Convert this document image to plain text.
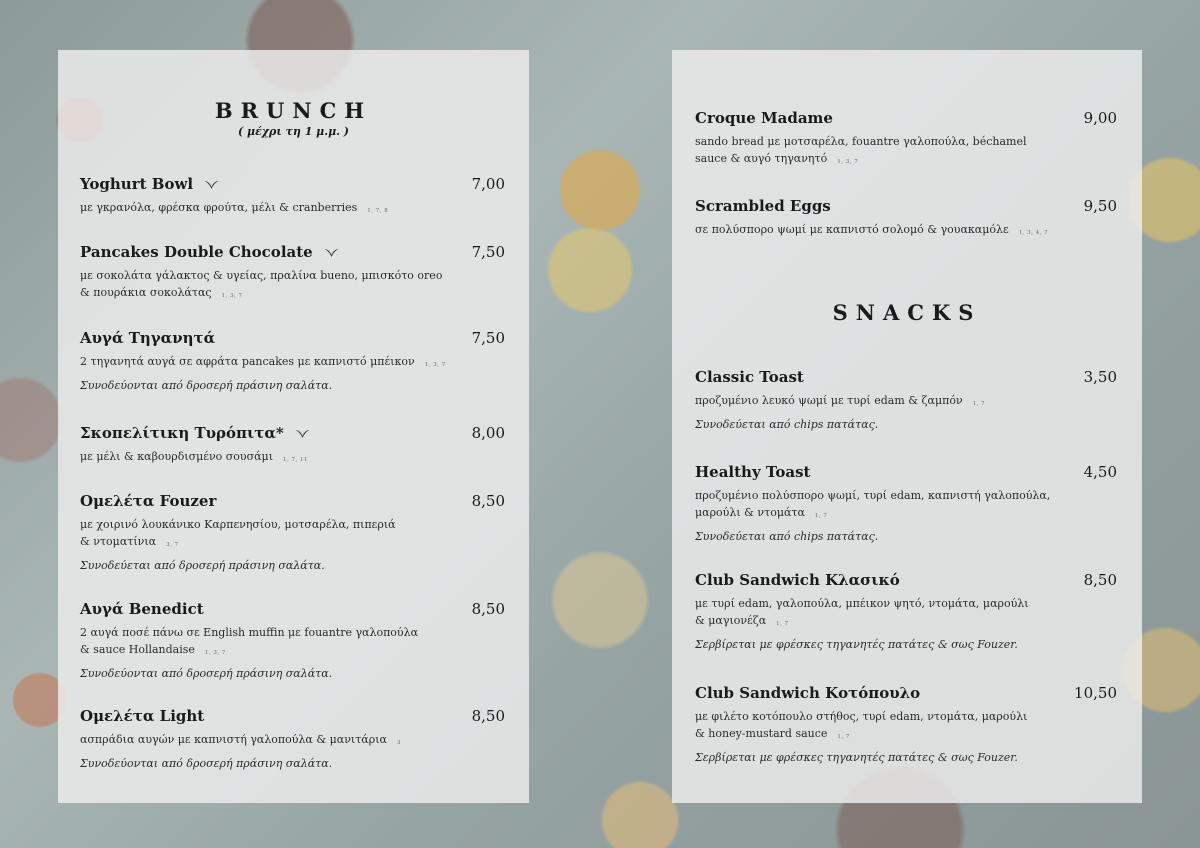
BRUNCH
( μέχρι τη 1 μ.μ. )
Yoghurt Bowl	7,00
με γκρανόλα, φρέσκα φρούτα, μέλι & cranberries 1, 7, 8
Pancakes Double Chocolate	7,50
με σοκολάτα γάλακτος & υγείας, πραλίνα bueno, μπισκότο oreo
& πουράκια σοκολάτας 1, 3, 7
Αυγά Τηγανητά	7,50
2 τηγανητά αυγά σε αφράτα pancakes με καπνιστό μπέικον 1, 3, 7
Συνοδεύονται από δροσερή πράσινη σαλάτα.
Σκοπελίτικη Τυρόπιτα*	8,00
με μέλι & καβουρδισμένο σουσάμι 1, 7, 11
Ομελέτα Fouzer	8,50
με χοιρινό λουκάνικο Καρπενησίου, μοτσαρέλα, πιπεριά
& ντοματίνια 3, 7
Συνοδεύεται από δροσερή πράσινη σαλάτα.
Αυγά Benedict	8,50
2 αυγά ποσέ πάνω σε English muffin με fouantre γαλοπούλα
& sauce Hollandaise 1, 3, 7
Συνοδεύονται από δροσερή πράσινη σαλάτα.
Ομελέτα Light	8,50
ασπράδια αυγών με καπνιστή γαλοπούλα & μανιτάρια 3
Συνοδεύονται από δροσερή πράσινη σαλάτα.
Croque Madame	9,00
sando bread με μοτσαρέλα, fouantre γαλοπούλα, béchamel
sauce & αυγό τηγανητό 1, 3, 7
Scrambled Eggs	9,50
σε πολύσπορο ψωμί με καπνιστό σολομό & γουακαμόλε 1, 3, 4, 7
SNACKS
Classic Toast	3,50
προζυμένιο λευκό ψωμί με τυρί edam & ζαμπόν 1, 7
Συνοδεύεται από chips πατάτας.
Healthy Toast	4,50
προζυμένιο πολύσπορο ψωμί, τυρί edam, καπνιστή γαλοπούλα,
μαρούλι & ντομάτα 1, 7
Συνοδεύεται από chips πατάτας.
Club Sandwich Κλασικό	8,50
με τυρί edam, γαλοπούλα, μπέικον ψητό, ντομάτα, μαρούλι
& μαγιονέζα 1, 7
Σερβίρεται με φρέσκες τηγανητές πατάτες & σως Fouzer.
Club Sandwich Κοτόπουλο	10,50
με φιλέτο κοτόπουλο στήθος, τυρί edam, ντομάτα, μαρούλι
& honey-mustard sauce 1, 7
Σερβίρεται με φρέσκες τηγανητές πατάτες & σως Fouzer.
